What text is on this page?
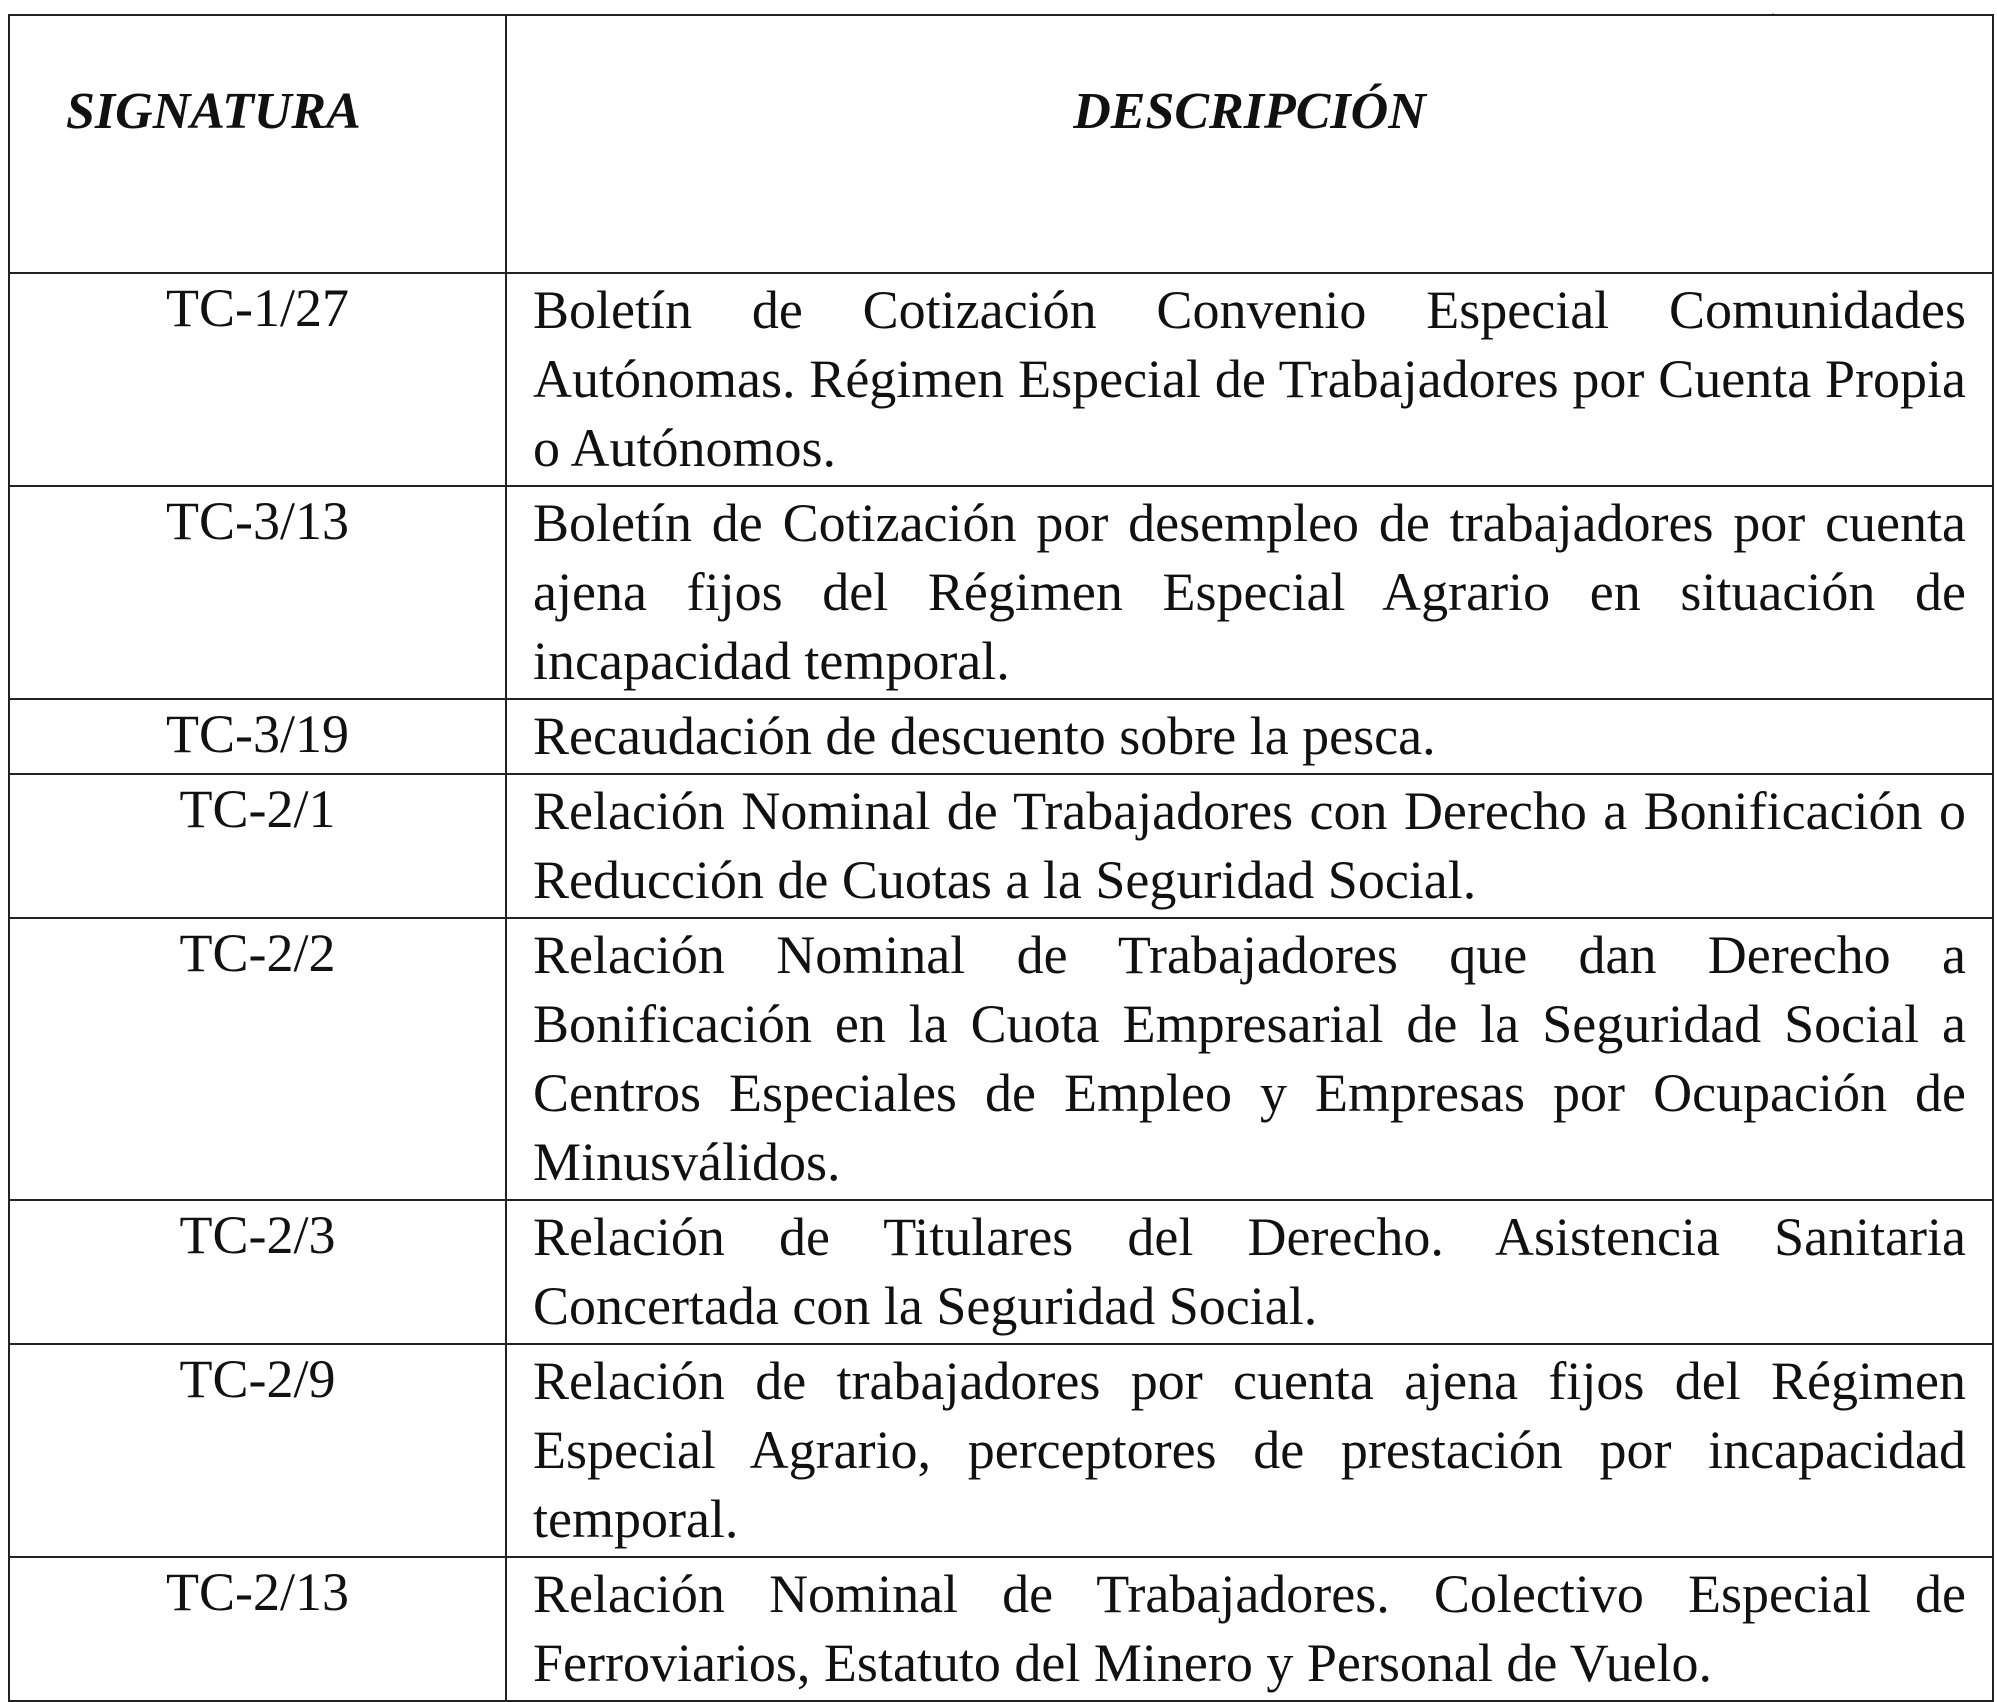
·
SIGNATURA	DESCRIPCIÓN
TC-1/27	Boletín de Cotización Convenio Especial Comunidades Autónomas. Régimen Especial de Trabajadores por Cuenta Propia o Autónomos.
TC-3/13	Boletín de Cotización por desempleo de trabajadores por cuenta ajena fijos del Régimen Especial Agrario en situación de incapacidad temporal.
TC-3/19	Recaudación de descuento sobre la pesca.
TC-2/1	Relación Nominal de Trabajadores con Derecho a Bonificación o Reducción de Cuotas a la Seguridad Social.
TC-2/2	Relación Nominal de Trabajadores que dan Derecho a Bonificación en la Cuota Empresarial de la Seguridad Social a Centros Especiales de Empleo y Empresas por Ocupación de Minusválidos.
TC-2/3	Relación de Titulares del Derecho. Asistencia Sanitaria Concertada con la Seguridad Social.
TC-2/9	Relación de trabajadores por cuenta ajena fijos del Régimen Especial Agrario, perceptores de prestación por incapacidad temporal.
TC-2/13	Relación Nominal de Trabajadores. Colectivo Especial de Ferroviarios, Estatuto del Minero y Personal de Vuelo.
